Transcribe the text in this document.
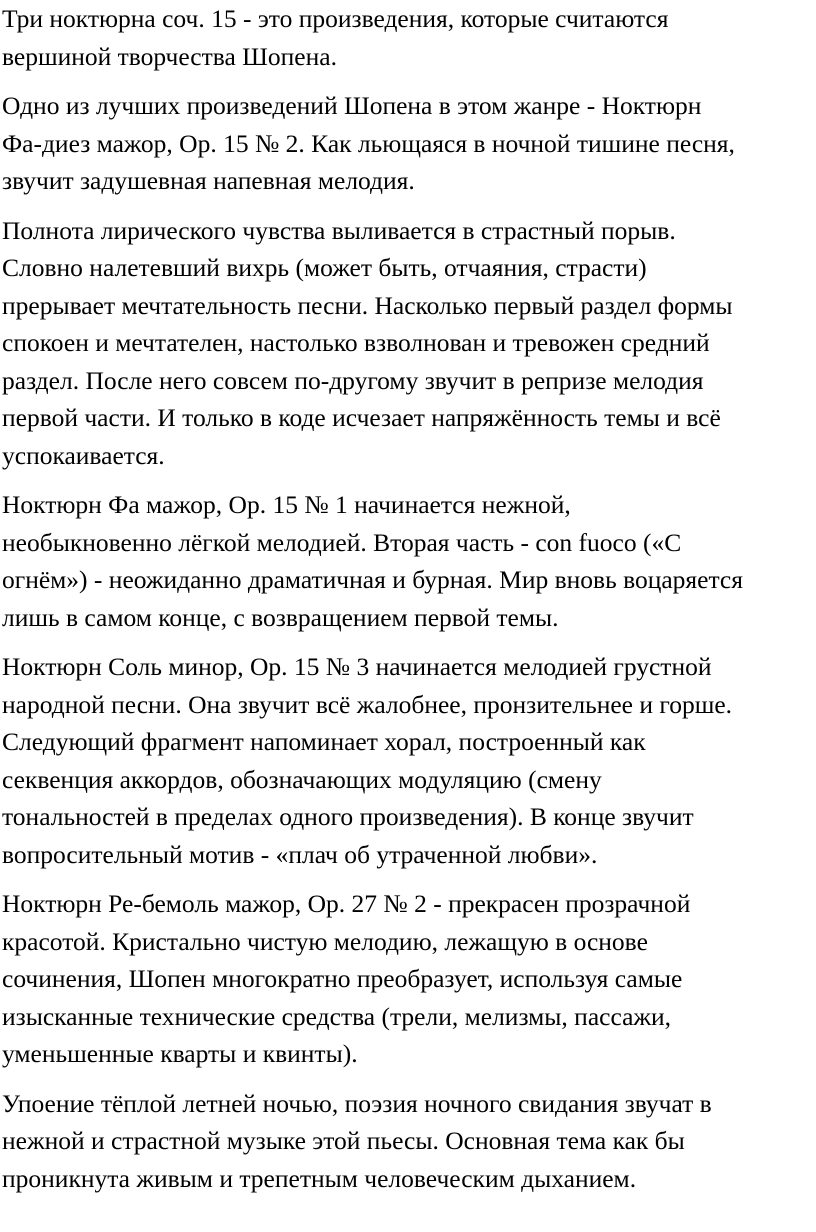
Три ноктюрна соч. 15 - это произведения, которые считаются
вершиной творчества Шопена.

Одно из лучших произведений Шопена в этом жанре - Ноктюрн
Фа-диез мажор, Ор. 15 № 2. Как льющаяся в ночной тишине песня,
звучит задушевная напевная мелодия.

Полнота лирического чувства выливается в страстный порыв.
Словно налетевший вихрь (может быть, отчаяния, страсти)
прерывает мечтательность песни. Насколько первый раздел формы
спокоен и мечтателен, настолько взволнован и тревожен средний
раздел. После него совсем по-другому звучит в репризе мелодия
первой части. И только в коде исчезает напряжённость темы и всё
успокаивается.

Ноктюрн Фа мажор, Ор. 15 № 1 начинается нежной,
необыкновенно лёгкой мелодией. Вторая часть - con fuoco («С
огнём») - неожиданно драматичная и бурная. Мир вновь воцаряется
лишь в самом конце, с возвращением первой темы.

Ноктюрн Соль минор, Ор. 15 № 3 начинается мелодией грустной
народной песни. Она звучит всё жалобнее, пронзительнее и горше.
Следующий фрагмент напоминает хорал, построенный как
секвенция аккордов, обозначающих модуляцию (смену
тональностей в пределах одного произведения). В конце звучит
вопросительный мотив - «плач об утраченной любви».

Ноктюрн Ре-бемоль мажор, Ор. 27 № 2 - прекрасен прозрачной
красотой. Кристально чистую мелодию, лежащую в основе
сочинения, Шопен многократно преобразует, используя самые
изысканные технические средства (трели, мелизмы, пассажи,
уменьшенные кварты и квинты).

Упоение тёплой летней ночью, поэзия ночного свидания звучат в
нежной и страстной музыке этой пьесы. Основная тема как бы
проникнута живым и трепетным человеческим дыханием.
